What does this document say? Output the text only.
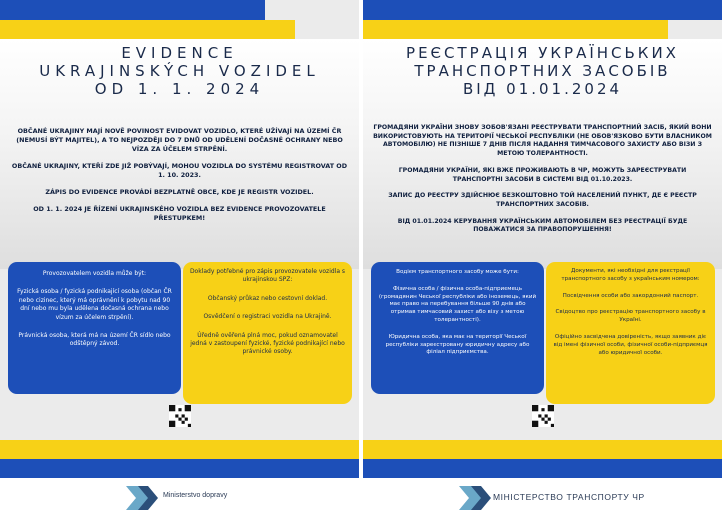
EVIDENCE
UKRAJINSKÝCH VOZIDEL
OD 1. 1. 2024

OBČANÉ UKRAJINY MAJÍ NOVĚ POVINOST EVIDOVAT VOZIDLO, KTERÉ UŽÍVAJÍ NA ÚZEMÍ ČR (NEMUSÍ BÝT MAJITEL), A TO NEJPOZDĚJI DO 7 DNŮ OD UDĚLENÍ DOČASNÉ OCHRANY NEBO VÍZA ZA ÚČELEM STRPĚNÍ.

OBČANÉ UKRAJINY, KTEŘÍ ZDE JIŽ POBÝVAJÍ, MOHOU VOZIDLA DO SYSTÉMU REGISTROVAT OD 1. 10. 2023.

ZÁPIS DO EVIDENCE PROVÁDÍ BEZPLATNĚ OBCE, KDE JE REGISTR VOZIDEL.

OD 1. 1. 2024 JE ŘÍZENÍ UKRAJINSKÉHO VOZIDLA BEZ EVIDENCE PROVOZOVATELE PŘESTUPKEM!

Provozovatelem vozidla může být:

Fyzická osoba / fyzická podnikající osoba (občan ČR nebo cizinec, který má oprávnění k pobytu nad 90 dní nebo mu byla udělena dočasná ochrana nebo vízum za účelem strpění).

Právnická osoba, která má na území ČR sídlo nebo odštěpný závod.

Doklady potřebné pro zápis provozovatele vozidla s ukrajinskou SPZ:

Občanský průkaz nebo cestovní doklad.

Osvědčení o registraci vozidla na Ukrajině.

Úředně ověřená plná moc, pokud oznamovatel jedná v zastoupení fyzické, fyzické podnikající nebo právnické osoby.

РЕЄСТРАЦІЯ УКРАЇНСЬКИХ
ТРАНСПОРТНИХ ЗАСОБІВ
ВІД 01.01.2024

ГРОМАДЯНИ УКРАЇНИ ЗНОВУ ЗОБОВ'ЯЗАНІ РЕЄСТРУВАТИ ТРАНСПОРТНИЙ ЗАСІБ, ЯКИЙ ВОНИ ВИКОРИСТОВУЮТЬ НА ТЕРИТОРІЇ ЧЕСЬКОЇ РЕСПУБЛІКИ (НЕ ОБОВ'ЯЗКОВО БУТИ ВЛАСНИКОМ АВТОМОБІЛЮ) НЕ ПІЗНІШЕ 7 ДНІВ ПІСЛЯ НАДАННЯ ТИМЧАСОВОГО ЗАХИСТУ АБО ВІЗИ З МЕТОЮ ТОЛЕРАНТНОСТІ.

ГРОМАДЯНИ УКРАЇНИ, ЯКІ ВЖЕ ПРОЖИВАЮТЬ В ЧР, МОЖУТЬ ЗАРЕЄСТРУВАТИ ТРАНСПОРТНІ ЗАСОБИ В СИСТЕМІ ВІД 01.10.2023.

ЗАПИС ДО РЕЄСТРУ ЗДІЙСНЮЄ БЕЗКОШТОВНО ТОЙ НАСЕЛЕНИЙ ПУНКТ, ДЕ Є РЕЄСТР ТРАНСПОРТНИХ ЗАСОБІВ.

ВІД 01.01.2024 КЕРУВАННЯ УКРАЇНСЬКИМ АВТОМОБІЛЕМ БЕЗ РЕЄСТРАЦІЇ БУДЕ ПОВАЖАТИСЯ ЗА ПРАВОПОРУШЕННЯ!

Водієм транспортного засобу може бути:

Фізична особа / фізична особа-підприємець (громадянин Чеської республіки або іноземець, який має право на перебування більше 90 днів або отримав тимчасовий захист або візу з метою толерантності).

Юридична особа, яка має на території Чеської республіки зареєстровану юридичну адресу або філіал підприємства.

Документи, які необхідні для реєстрації транспортного засобу з українським номером:

Посвідчення особи або закордонний паспорт.

Свідоцтво про реєстрацію транспортного засобу в Україні.

Офіційно засвідчена довіреність, якщо заявник діє від імені фізичної особи, фізичної особи-підприємця або юридичної особи.

Ministerstvo dopravy	МІНІСТЕРСТВО ТРАНСПОРТУ ЧР
